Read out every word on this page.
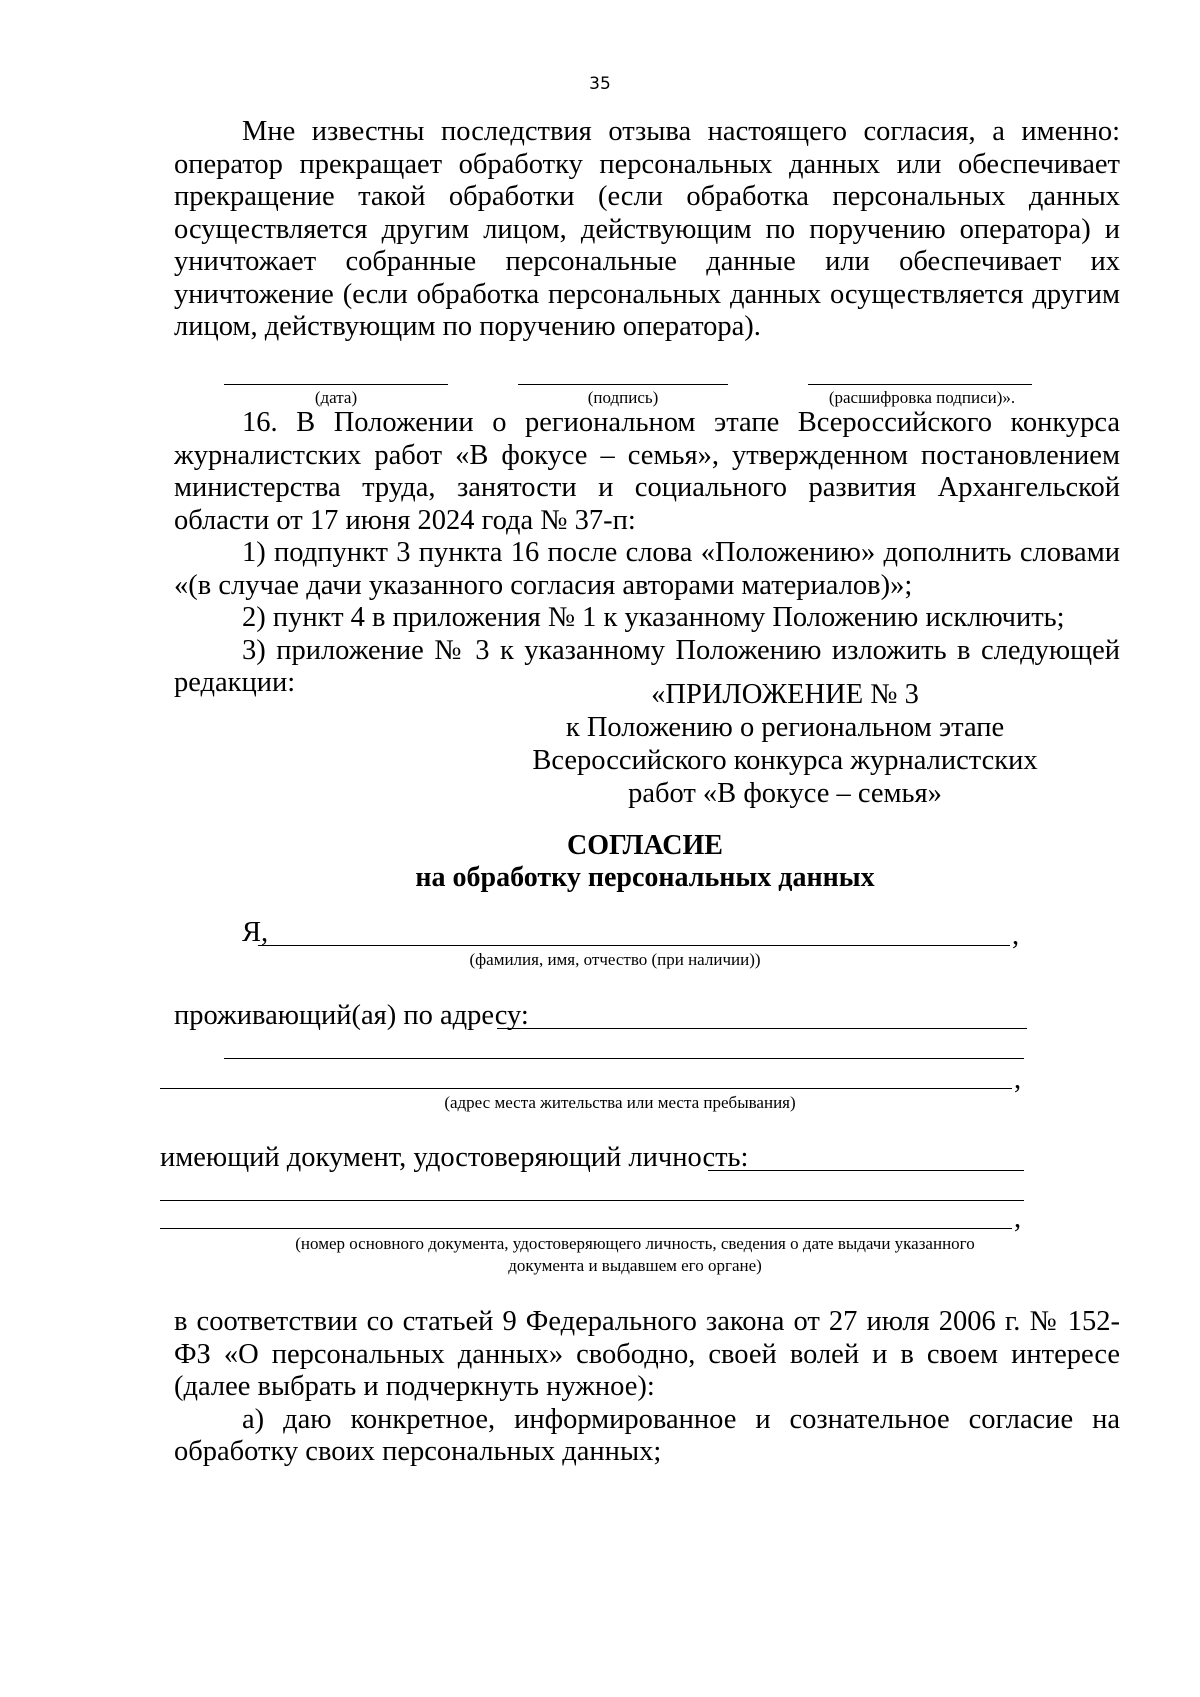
35

Мне известны последствия отзыва настоящего согласия, а именно: оператор прекращает обработку персональных данных или обеспечивает прекращение такой обработки (если обработка персональных данных осуществляется другим лицом, действующим по поручению оператора) и уничтожает собранные персональные данные или обеспечивает их уничтожение (если обработка персональных данных осуществляется другим лицом, действующим по поручению оператора).

(дата)	(подпись)	(расшифровка подписи)».

16. В Положении о региональном этапе Всероссийского конкурса журналистских работ «В фокусе – семья», утвержденном постановлением министерства труда, занятости и социального развития Архангельской области от 17 июня 2024 года № 37-п:

1) подпункт 3 пункта 16 после слова «Положению» дополнить словами «(в случае дачи указанного согласия авторами материалов)»;

2) пункт 4 в приложения № 1 к указанному Положению исключить;

3) приложение № 3 к указанному Положению изложить в следующей редакции:	«ПРИЛОЖЕНИЕ № 3
к Положению о региональном этапе
Всероссийского конкурса журналистских
работ «В фокусе – семья»
СОГЛАСИЕ
на обработку персональных данных
Я,	,
(фамилия, имя, отчество (при наличии))
проживающий(ая) по адресу:
,
(адрес места жительства или места пребывания)
имеющий документ, удостоверяющий личность:
,
(номер основного документа, удостоверяющего личность, сведения о дате выдачи указанного
документа и выдавшем его органе)

в соответствии со статьей 9 Федерального закона от 27 июля 2006 г. № 152-ФЗ «О персональных данных» свободно, своей волей и в своем интересе (далее выбрать и подчеркнуть нужное):

а) даю конкретное, информированное и сознательное согласие на обработку своих персональных данных;
